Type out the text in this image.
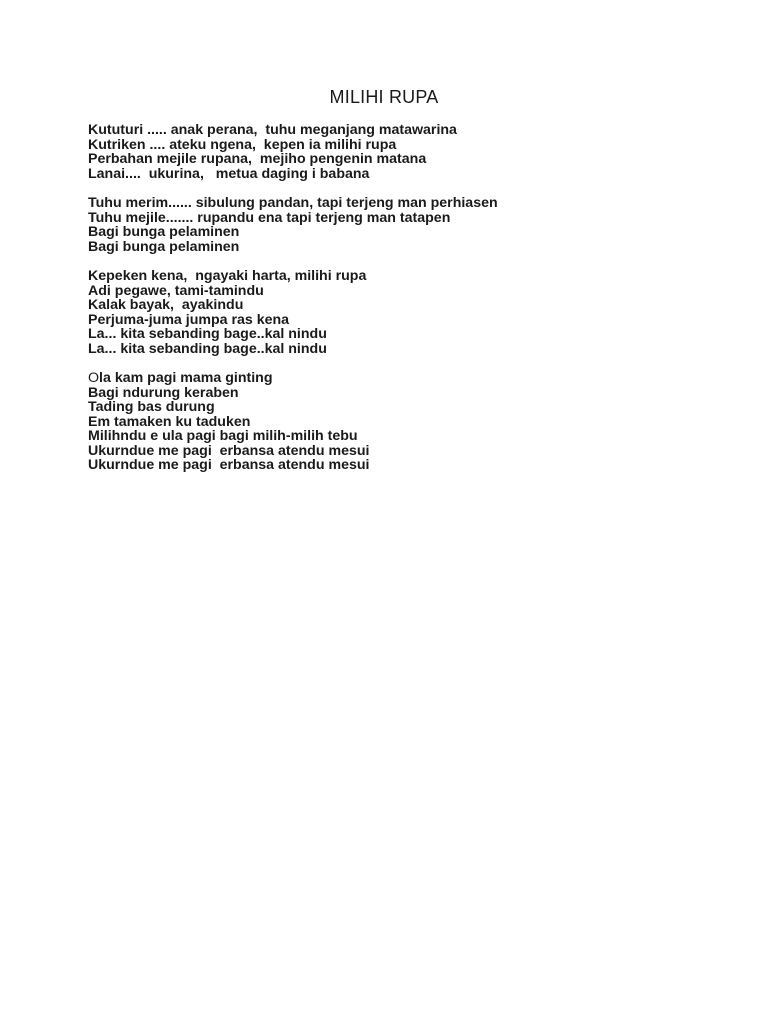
MILIHI RUPA

Kututuri ..... anak perana,  tuhu meganjang matawarina

Kutriken .... ateku ngena,  kepen ia milihi rupa

Perbahan mejile rupana,  mejiho pengenin matana

Lanai....  ukurina,   metua daging i babana

Tuhu merim...... sibulung pandan, tapi terjeng man perhiasen

Tuhu mejile....... rupandu ena tapi terjeng man tatapen

Bagi bunga pelaminen

Bagi bunga pelaminen

Kepeken kena,  ngayaki harta, milihi rupa

Adi pegawe, tami-tamindu

Kalak bayak,  ayakindu

Perjuma-juma jumpa ras kena

La... kita sebanding bage..kal nindu

La... kita sebanding bage..kal nindu

Ola kam pagi mama ginting

Bagi ndurung keraben

Tading bas durung

Em tamaken ku taduken

Milihndu e ula pagi bagi milih-milih tebu

Ukurndue me pagi  erbansa atendu mesui

Ukurndue me pagi  erbansa atendu mesui
